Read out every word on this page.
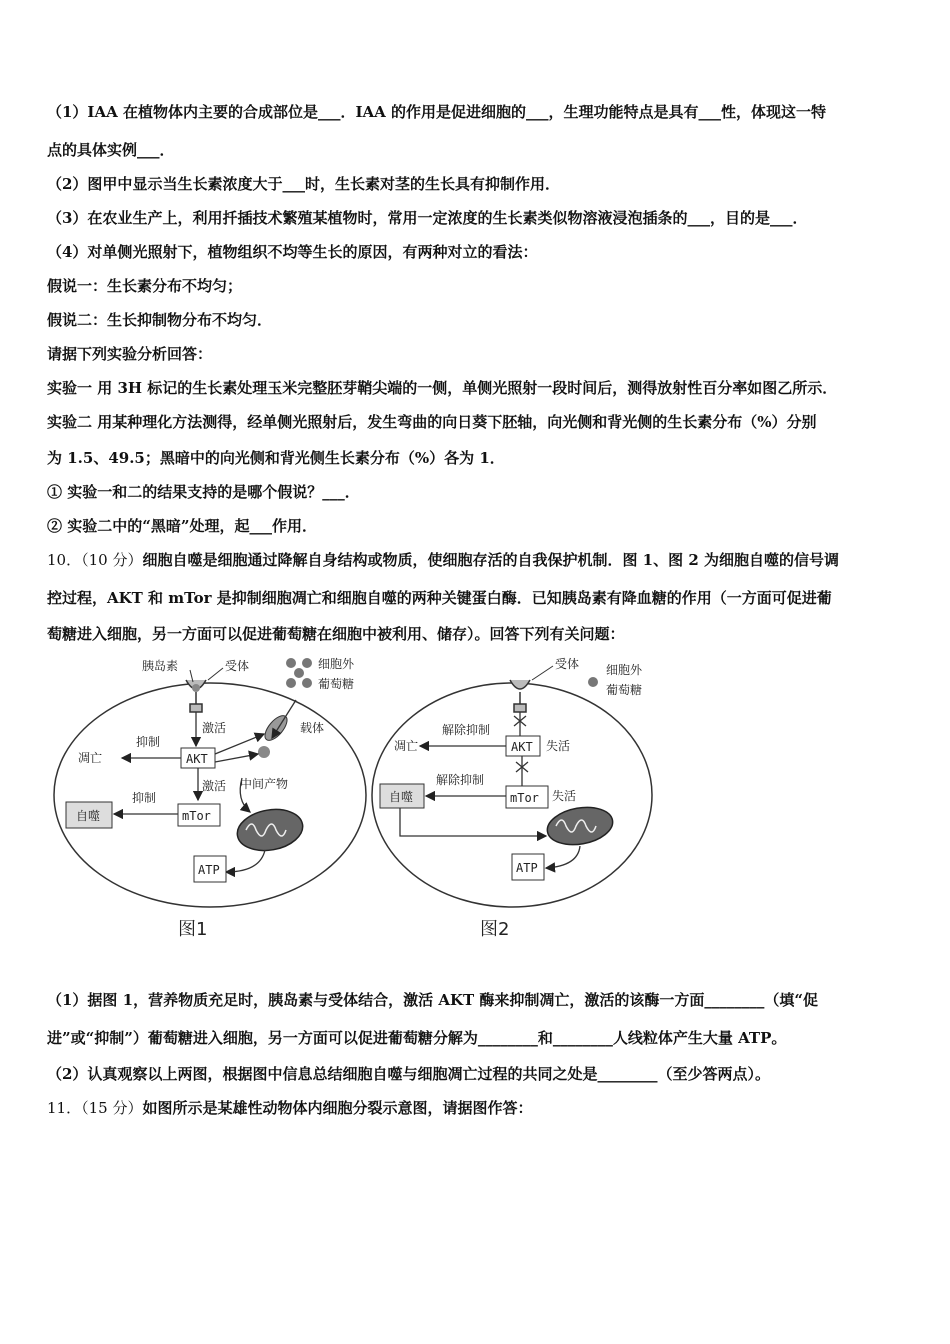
（1）IAA 在植物体内主要的合成部位是___．IAA 的作用是促进细胞的___，生理功能特点是具有___性，体现这一特
点的具体实例___．
（2）图甲中显示当生长素浓度大于___时，生长素对茎的生长具有抑制作用．
（3）在农业生产上，利用扦插技术繁殖某植物时，常用一定浓度的生长素类似物溶液浸泡插条的___，目的是___．
（4）对单侧光照射下，植物组织不均等生长的原因，有两种对立的看法：
假说一：生长素分布不均匀；
假说二：生长抑制物分布不均匀．
请据下列实验分析回答：
实验一 用 3H 标记的生长素处理玉米完整胚芽鞘尖端的一侧，单侧光照射一段时间后，测得放射性百分率如图乙所示．
实验二 用某种理化方法测得，经单侧光照射后，发生弯曲的向日葵下胚轴，向光侧和背光侧的生长素分布（%）分别
为 1.5、49.5；黑暗中的向光侧和背光侧生长素分布（%）各为 1．
① 实验一和二的结果支持的是哪个假说？___．
② 实验二中的“黑暗”处理，起___作用．
10．（10 分）细胞自噬是细胞通过降解自身结构或物质，使细胞存活的自我保护机制．图 1、图 2 为细胞自噬的信号调
控过程，AKT 和 mTor 是抑制细胞凋亡和细胞自噬的两种关键蛋白酶．已知胰岛素有降血糖的作用（一方面可促进葡
萄糖进入细胞，另一方面可以促进葡萄糖在细胞中被利用、储存）。回答下列有关问题：
胰岛素	受体	细胞外
葡萄糖
载体
激活
AKT
抑制
凋亡
激活 中间产物
mTor
抑制
自噬
ATP
图1
受体 细胞外
葡萄糖
AKT 失活
解除抑制
凋亡
mTor 失活
解除抑制
自噬
ATP
图2
（1）据图 1，营养物质充足时，胰岛素与受体结合，激活 AKT 酶来抑制凋亡，激活的该酶一方面________（填“促
进”或“抑制”）葡萄糖进入细胞，另一方面可以促进葡萄糖分解为________和________人线粒体产生大量 ATP。
（2）认真观察以上两图，根据图中信息总结细胞自噬与细胞凋亡过程的共同之处是________（至少答两点）。
11．（15 分）如图所示是某雄性动物体内细胞分裂示意图，请据图作答：
